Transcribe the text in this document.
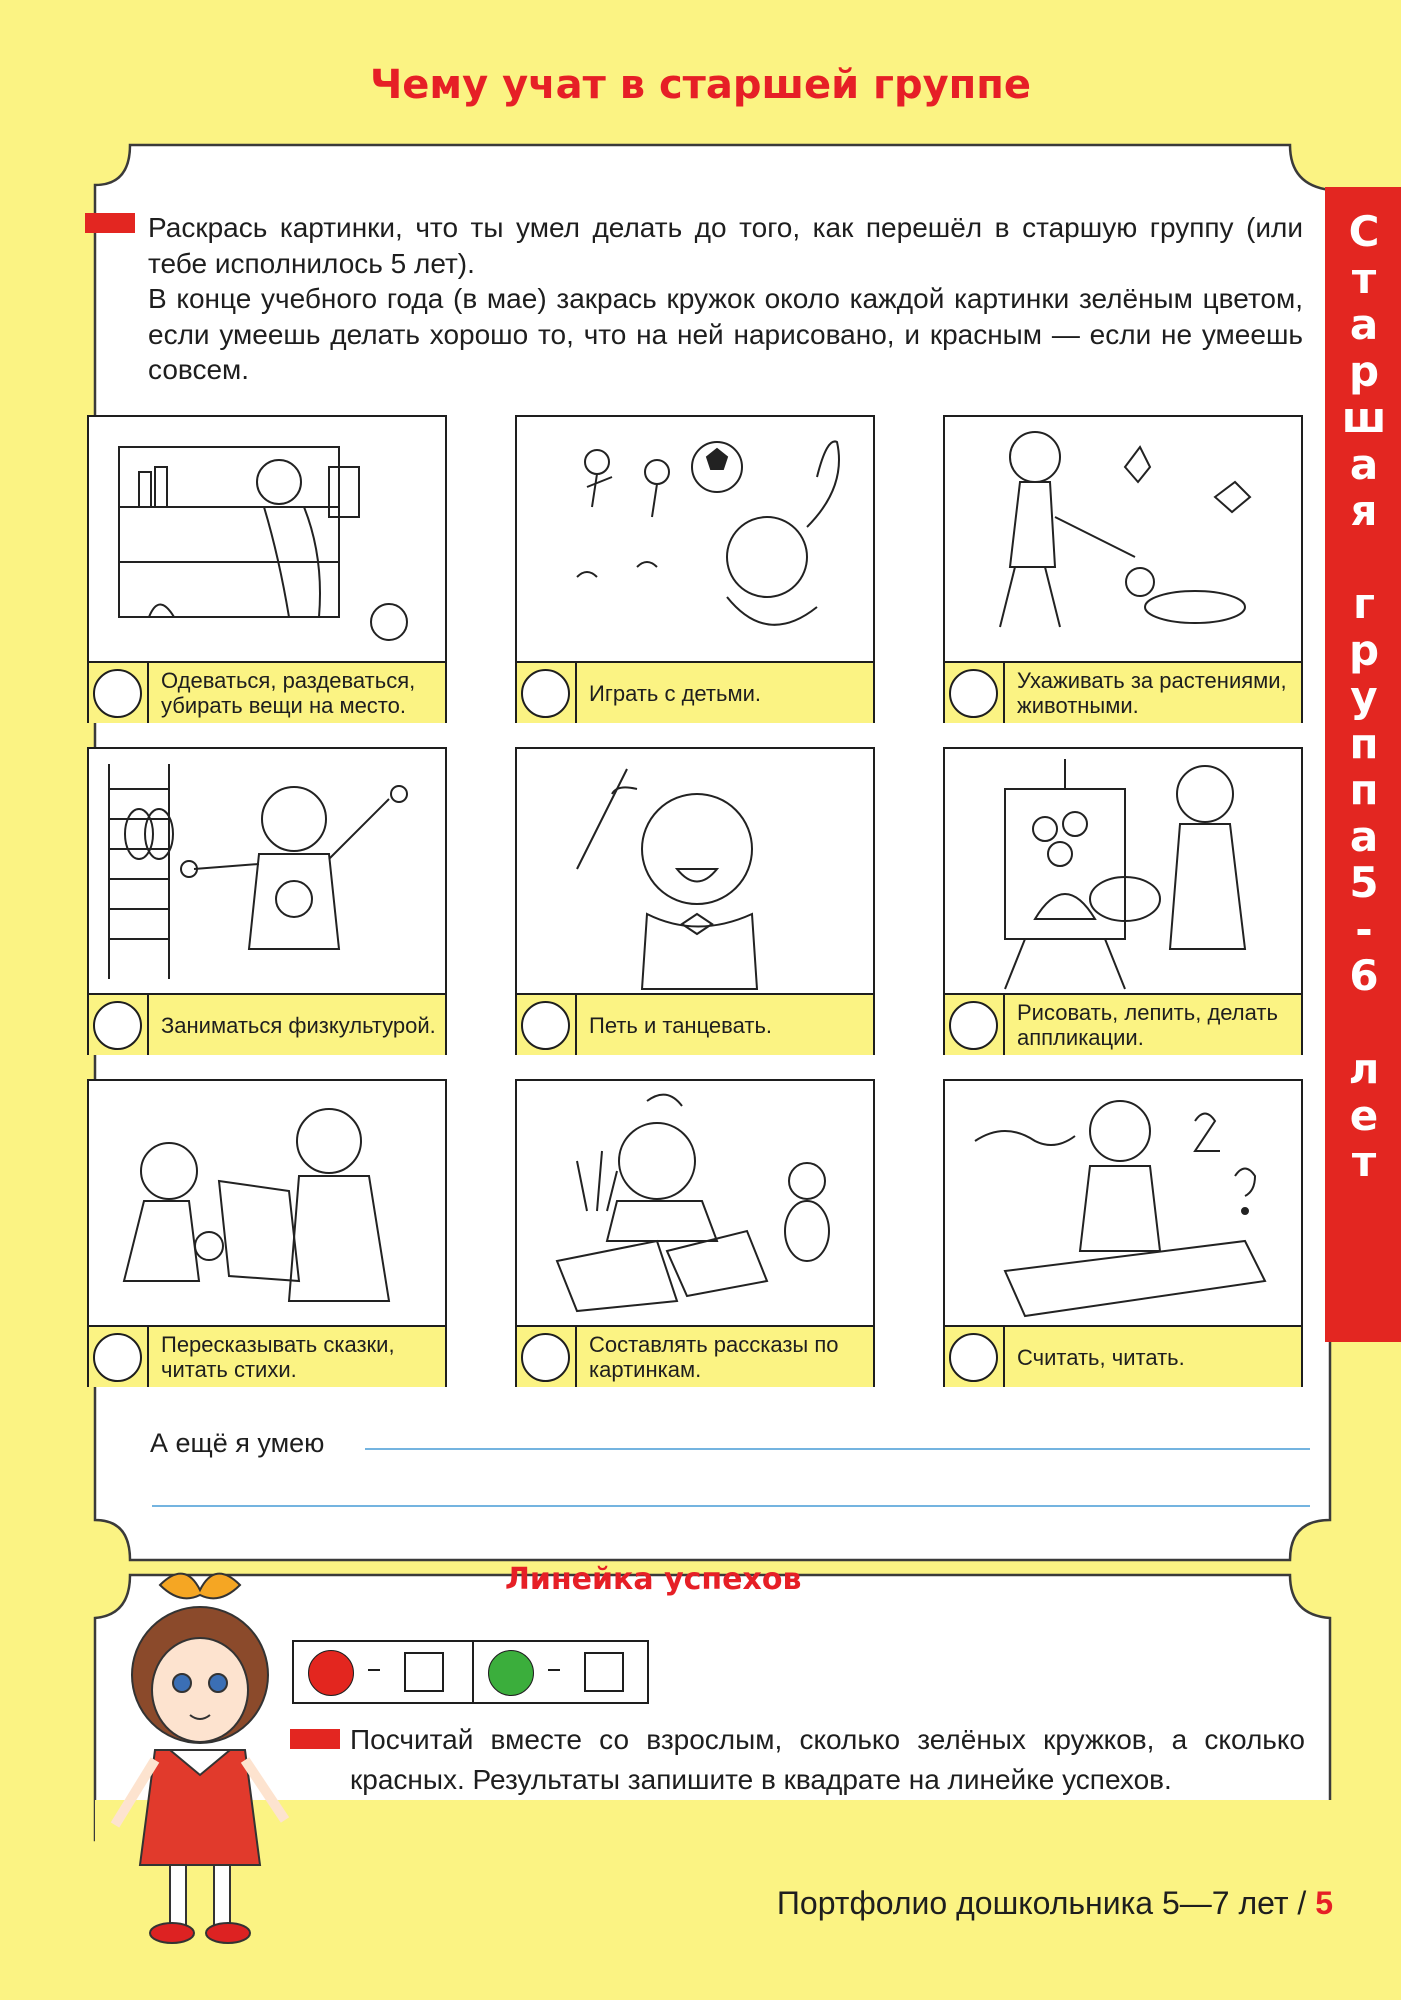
Чему учат в старшей группе
С
т
а
р
ш
а
я

г
р
у
п
п
а
5
-
6

л
е
т

Раскрась картинки, что ты умел делать до того, как перешёл в старшую группу (или тебе исполнилось 5 лет).

В конце учебного года (в мае) закрась кружок около каждой картинки зелёным цветом, если умеешь делать хорошо то, что на ней нарисовано, и красным — если не умеешь совсем.

Одеваться, раздеваться, убирать вещи на место.	Играть с детьми.	Ухаживать за растениями, животными.
Заниматься физкультурой.	Петь и танцевать.	Рисовать, лепить, делать аппликации.
Пересказывать сказки, читать стихи.
Составлять рассказы по картинкам.	Считать, читать.
А ещё я умею
Линейка успехов

Посчитай вместе со взрослым, сколько зелёных кружков, а сколько красных. Результаты запишите в квадрате на линейке успехов.

Портфолио дошкольника 5—7 лет / 5
